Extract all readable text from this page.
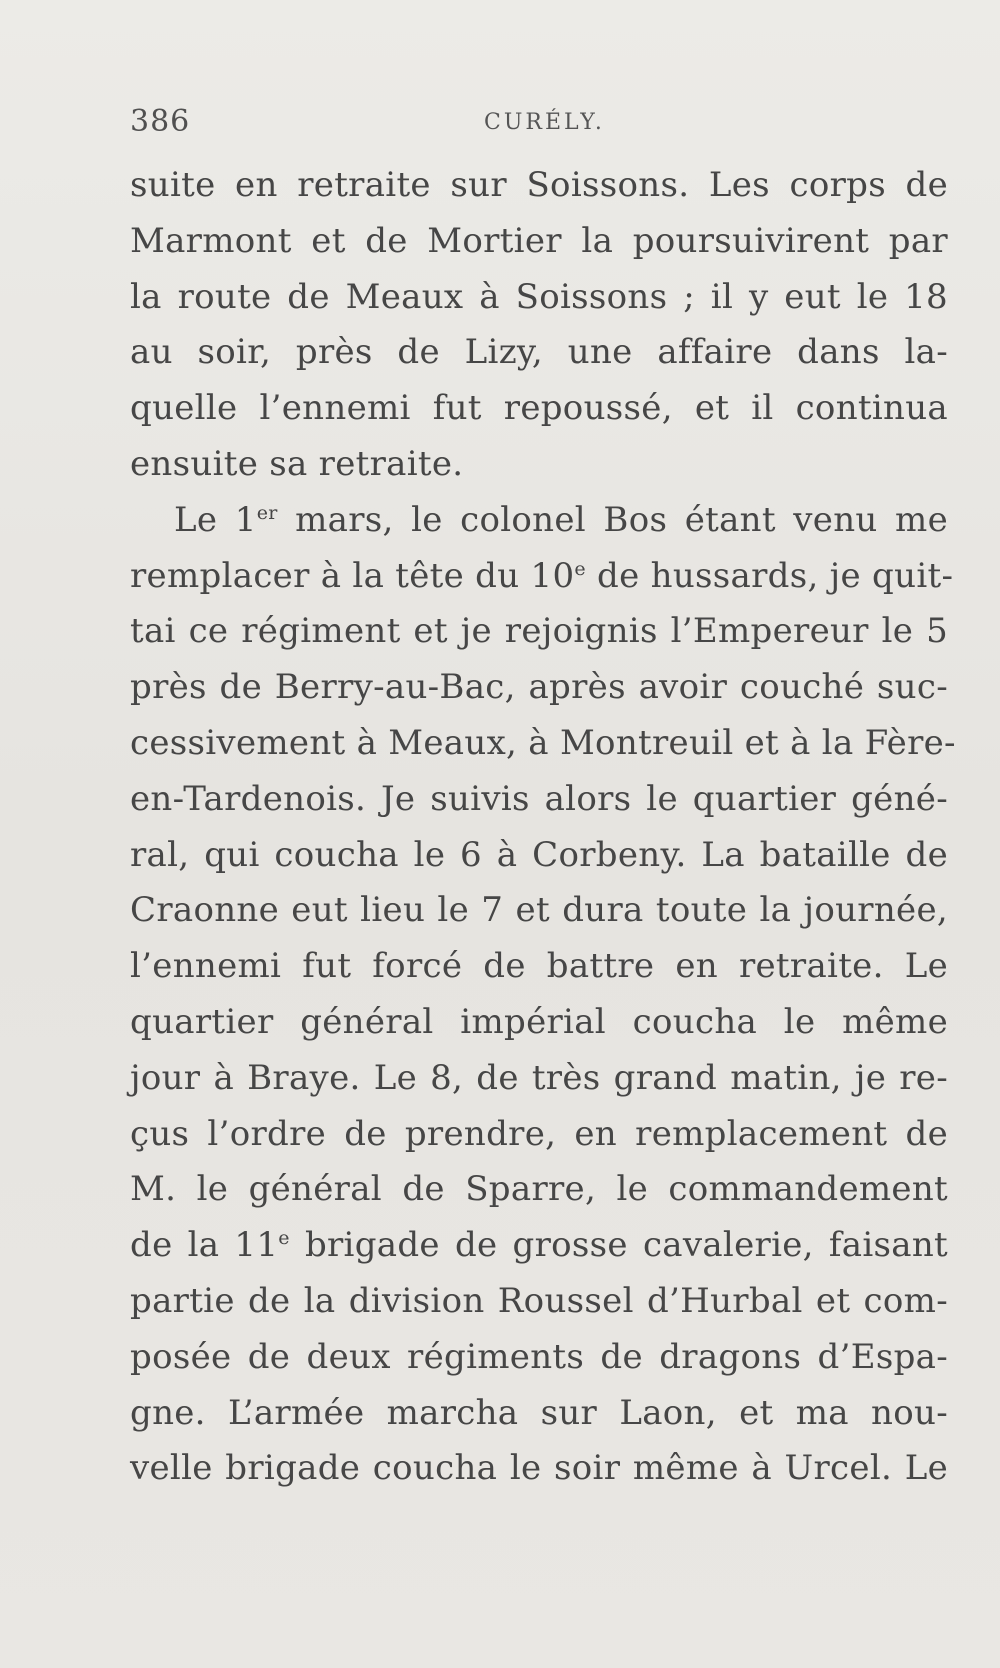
386	CURÉLY.
suite en retraite sur Soissons. Les corps de
Marmont et de Mortier la poursuivirent par
la route de Meaux à Soissons ; il y eut le 18
au soir, près de Lizy, une affaire dans la-
quelle l’ennemi fut repoussé, et il continua
ensuite sa retraite.
Le 1er mars, le colonel Bos étant venu me
remplacer à la tête du 10e de hussards, je quit-
tai ce régiment et je rejoignis l’Empereur le 5
près de Berry-au-Bac, après avoir couché suc-
cessivement à Meaux, à Montreuil et à la Fère-
en-Tardenois. Je suivis alors le quartier géné-
ral, qui coucha le 6 à Corbeny. La bataille de
Craonne eut lieu le 7 et dura toute la journée,
l’ennemi fut forcé de battre en retraite. Le
quartier général impérial coucha le même
jour à Braye. Le 8, de très grand matin, je re-
çus l’ordre de prendre, en remplacement de
M. le général de Sparre, le commandement
de la 11e brigade de grosse cavalerie, faisant
partie de la division Roussel d’Hurbal et com-
posée de deux régiments de dragons d’Espa-
gne. L’armée marcha sur Laon, et ma nou-
velle brigade coucha le soir même à Urcel. Le
